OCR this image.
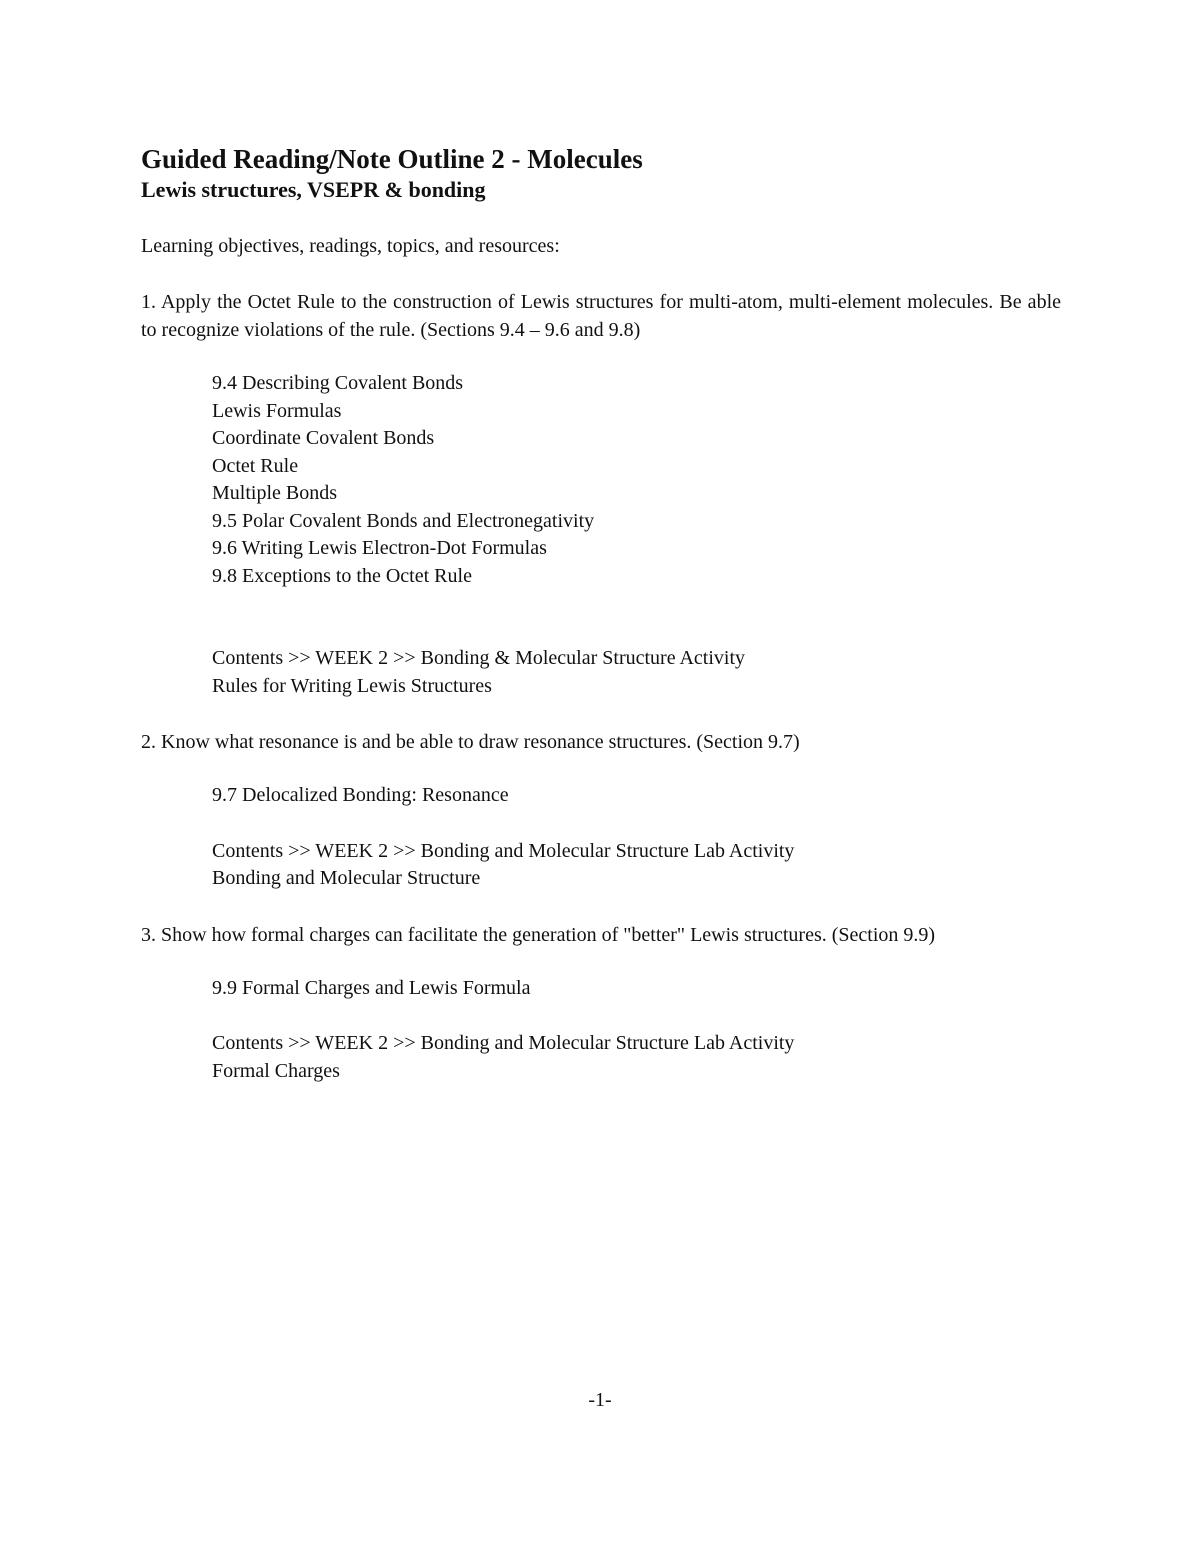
Guided Reading/Note Outline 2 - Molecules
Lewis structures, VSEPR & bonding

Learning objectives, readings, topics, and resources:

1. Apply the Octet Rule to the construction of Lewis structures for multi-atom, multi-element molecules. Be able to recognize violations of the rule. (Sections 9.4 – 9.6 and 9.8)

9.4 Describing Covalent Bonds
Lewis Formulas
Coordinate Covalent Bonds
Octet Rule
Multiple Bonds
9.5 Polar Covalent Bonds and Electronegativity
9.6 Writing Lewis Electron-Dot Formulas
9.8 Exceptions to the Octet Rule
Contents >> WEEK 2 >> Bonding & Molecular Structure Activity
Rules for Writing Lewis Structures

2. Know what resonance is and be able to draw resonance structures. (Section 9.7)

9.7 Delocalized Bonding: Resonance
Contents >> WEEK 2 >> Bonding and Molecular Structure Lab Activity
Bonding and Molecular Structure

3. Show how formal charges can facilitate the generation of "better" Lewis structures. (Section 9.9)

9.9 Formal Charges and Lewis Formula
Contents >> WEEK 2 >> Bonding and Molecular Structure Lab Activity
Formal Charges
-1-
